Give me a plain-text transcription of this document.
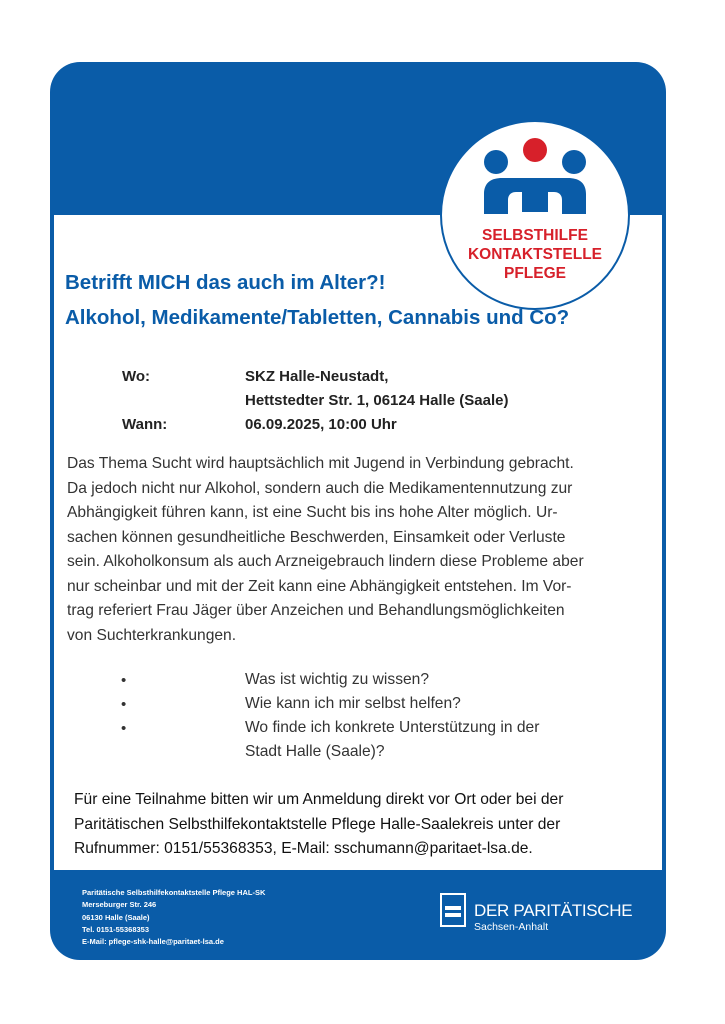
SELBSTHILFE
KONTAKTSTELLE
PFLEGE
Betrifft MICH das auch im Alter?!
Alkohol, Medikamente/Tabletten, Cannabis und Co?
Wo:	SKZ Halle-Neustadt,
Hettstedter Str. 1, 06124 Halle (Saale)
Wann:	06.09.2025, 10:00 Uhr

Das Thema Sucht wird hauptsächlich mit Jugend in Verbindung gebracht.

Da jedoch nicht nur Alkohol, sondern auch die Medikamentennutzung zur

Abhängigkeit führen kann, ist eine Sucht bis ins hohe Alter möglich. Ur-

sachen können gesundheitliche Beschwerden, Einsamkeit oder Verluste

sein. Alkoholkonsum als auch Arzneigebrauch lindern diese Probleme aber

nur scheinbar und mit der Zeit kann eine Abhängigkeit entstehen. Im Vor-

trag referiert Frau Jäger über Anzeichen und Behandlungsmöglichkeiten

von Suchterkrankungen.

•	Was ist wichtig zu wissen?
•	Wie kann ich mir selbst helfen?
•	Wo finde ich konkrete Unterstützung in der
Stadt Halle (Saale)?

Für eine Teilnahme bitten wir um Anmeldung direkt vor Ort oder bei der

Paritätischen Selbsthilfekontaktstelle Pflege Halle-Saalekreis unter der

Rufnummer: 0151/55368353, E-Mail: sschumann@paritaet-lsa.de.

Paritätische Selbsthilfekontaktstelle Pflege HAL-SK
Merseburger Str. 246
06130 Halle (Saale)
Tel. 0151-55368353
E-Mail: pflege-shk-halle@paritaet-lsa.de
DER PARITÄTISCHE
Sachsen-Anhalt
